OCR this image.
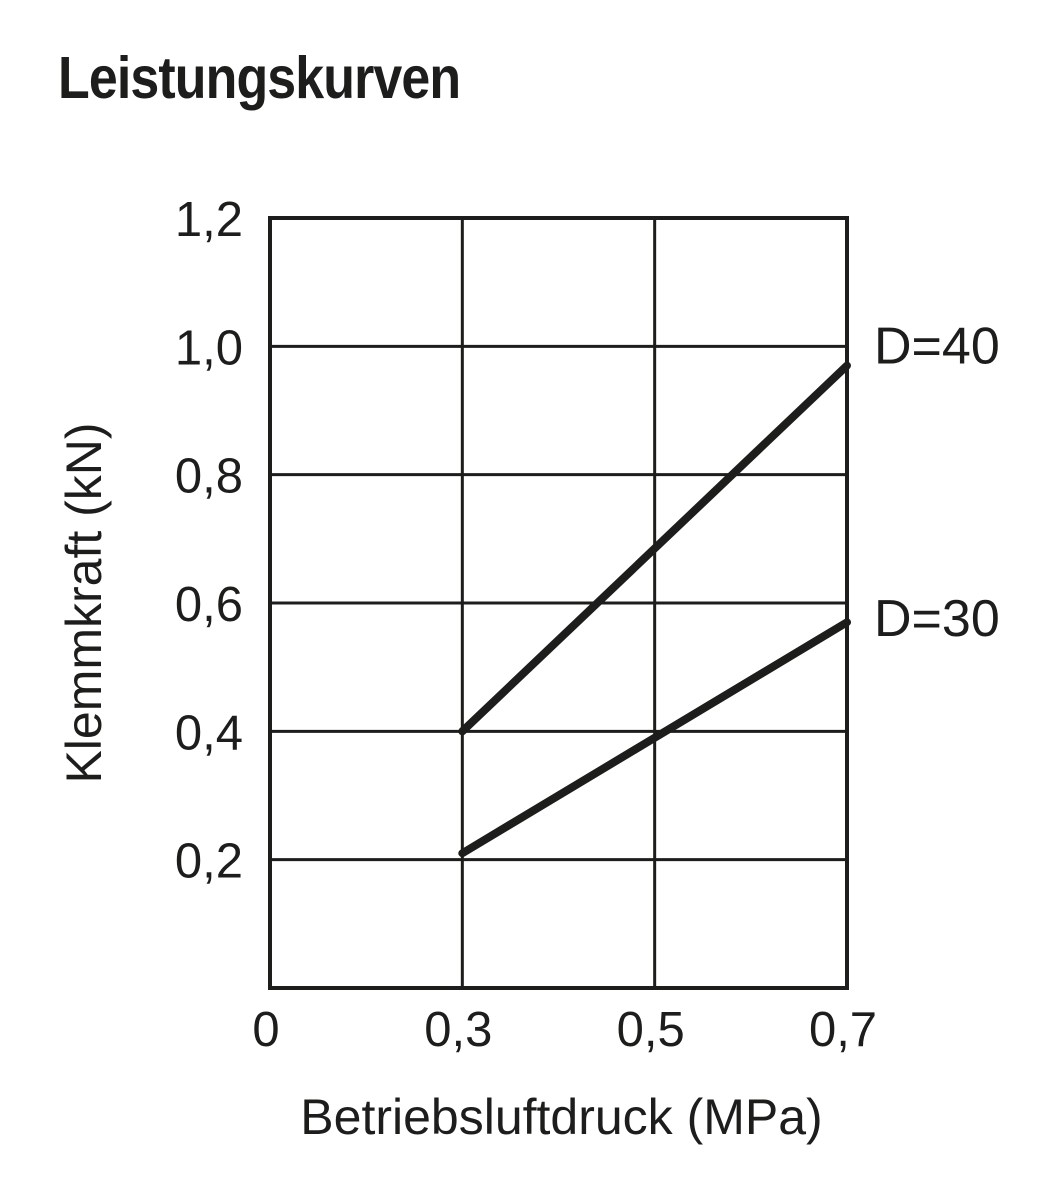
Leistungskurven
D=40
D=30
0	0,3	0,5	0,7
0,2
0,4
0,6
0,8
1,0
1,2
Betriebsluftdruck (MPa)
Klemmkraft (kN)
